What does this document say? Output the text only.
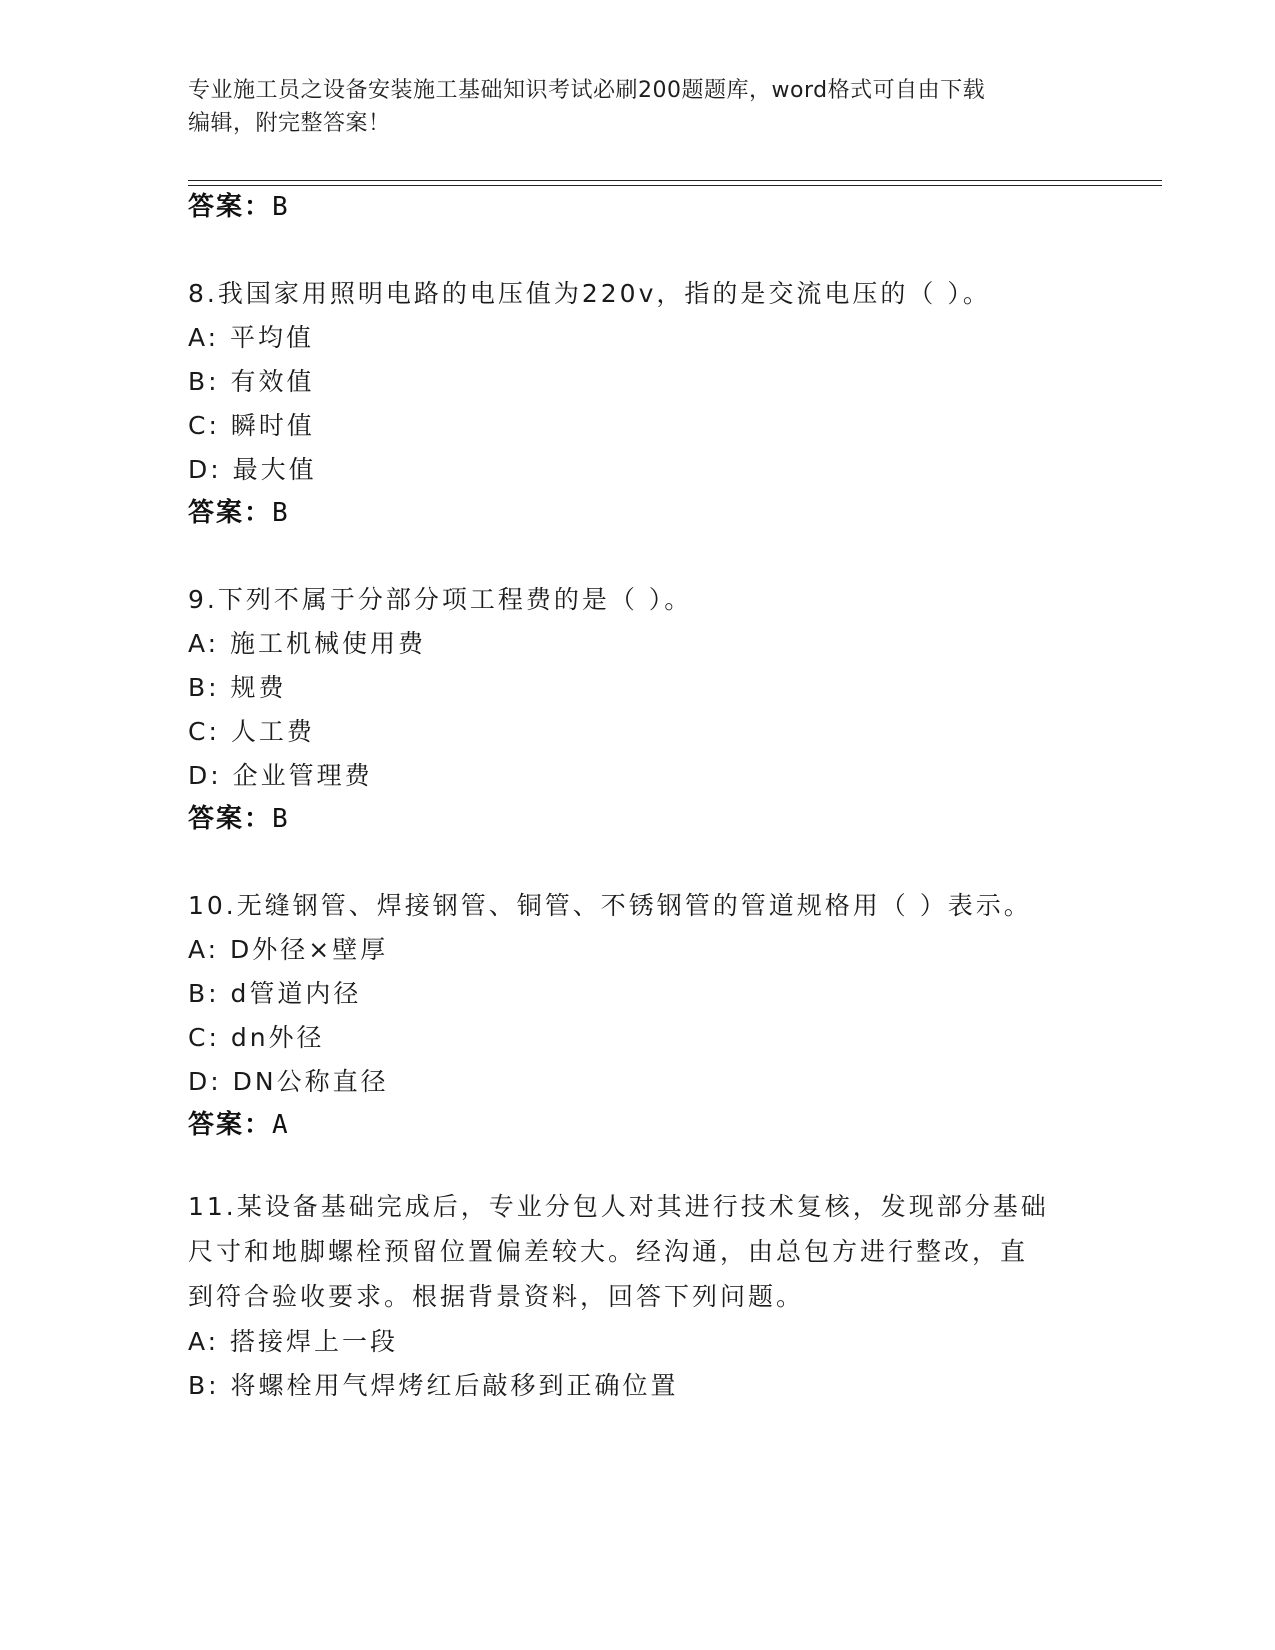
专业施工员之设备安装施工基础知识考试必刷200题题库，word格式可自由下载
编辑，附完整答案！
答案：B
8.我国家用照明电路的电压值为220v，指的是交流电压的（ ）。
A: 平均值
B: 有效值
C: 瞬时值
D: 最大值
答案：B
9.下列不属于分部分项工程费的是（ ）。
A: 施工机械使用费
B: 规费
C: 人工费
D: 企业管理费
答案：B
10.无缝钢管、焊接钢管、铜管、不锈钢管的管道规格用（ ）表示。
A: D外径×壁厚
B: d管道内径
C: dn外径
D: DN公称直径
答案：A
11.某设备基础完成后，专业分包人对其进行技术复核，发现部分基础
尺寸和地脚螺栓预留位置偏差较大。经沟通，由总包方进行整改，直
到符合验收要求。根据背景资料，回答下列问题。
A: 搭接焊上一段
B: 将螺栓用气焊烤红后敲移到正确位置
